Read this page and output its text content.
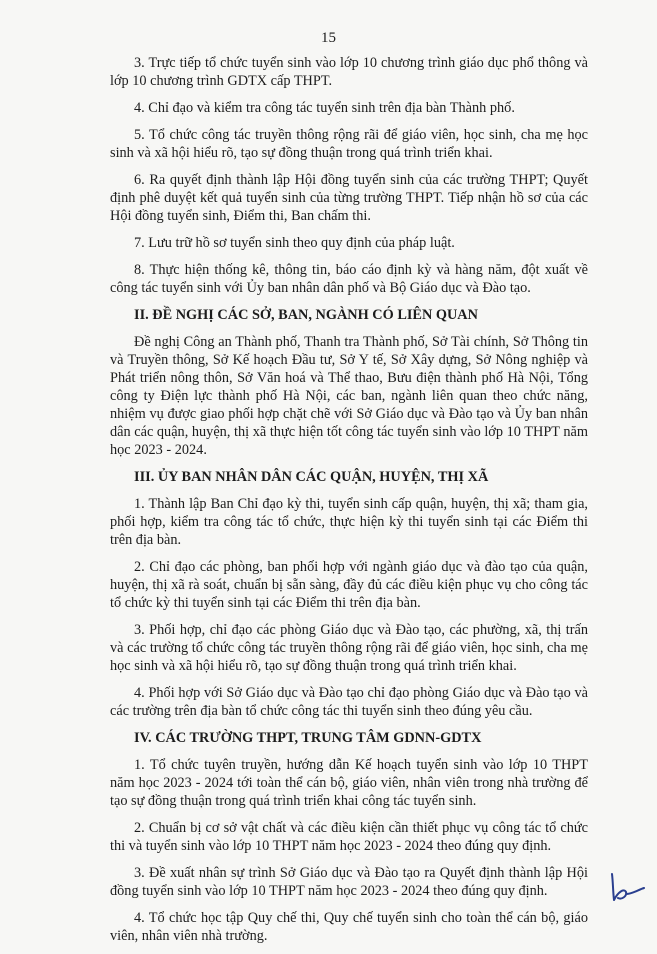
15

3. Trực tiếp tổ chức tuyển sinh vào lớp 10 chương trình giáo dục phổ thông và lớp 10 chương trình GDTX cấp THPT.

4. Chỉ đạo và kiểm tra công tác tuyển sinh trên địa bàn Thành phố.

5. Tổ chức công tác truyền thông rộng rãi để giáo viên, học sinh, cha mẹ học sinh và xã hội hiểu rõ, tạo sự đồng thuận trong quá trình triển khai.

6. Ra quyết định thành lập Hội đồng tuyển sinh của các trường THPT; Quyết định phê duyệt kết quả tuyển sinh của từng trường THPT. Tiếp nhận hồ sơ của các Hội đồng tuyển sinh, Điểm thi, Ban chấm thi.

7. Lưu trữ hồ sơ tuyển sinh theo quy định của pháp luật.

8. Thực hiện thống kê, thông tin, báo cáo định kỳ và hàng năm, đột xuất về công tác tuyển sinh với Ủy ban nhân dân phố và Bộ Giáo dục và Đào tạo.

II. ĐỀ NGHỊ CÁC SỞ, BAN, NGÀNH CÓ LIÊN QUAN

Đề nghị Công an Thành phố, Thanh tra Thành phố, Sở Tài chính, Sở Thông tin và Truyền thông, Sở Kế hoạch Đầu tư, Sở Y tế, Sở Xây dựng, Sở Nông nghiệp và Phát triển nông thôn, Sở Văn hoá và Thể thao, Bưu điện thành phố Hà Nội, Tổng công ty Điện lực thành phố Hà Nội, các ban, ngành liên quan theo chức năng, nhiệm vụ được giao phối hợp chặt chẽ với Sở Giáo dục và Đào tạo và Ủy ban nhân dân các quận, huyện, thị xã thực hiện tốt công tác tuyển sinh vào lớp 10 THPT năm học 2023 - 2024.

III. ỦY BAN NHÂN DÂN CÁC QUẬN, HUYỆN, THỊ XÃ

1. Thành lập Ban Chỉ đạo kỳ thi, tuyển sinh cấp quận, huyện, thị xã; tham gia, phối hợp, kiểm tra công tác tổ chức, thực hiện kỳ thi tuyển sinh tại các Điểm thi trên địa bàn.

2. Chỉ đạo các phòng, ban phối hợp với ngành giáo dục và đào tạo của quận, huyện, thị xã rà soát, chuẩn bị sẵn sàng, đầy đủ các điều kiện phục vụ cho công tác tổ chức kỳ thi tuyển sinh tại các Điểm thi trên địa bàn.

3. Phối hợp, chỉ đạo các phòng Giáo dục và Đào tạo, các phường, xã, thị trấn và các trường tổ chức công tác truyền thông rộng rãi để giáo viên, học sinh, cha mẹ học sinh và xã hội hiểu rõ, tạo sự đồng thuận trong quá trình triển khai.

4. Phối hợp với Sở Giáo dục và Đào tạo chỉ đạo phòng Giáo dục và Đào tạo và các trường trên địa bàn tổ chức công tác thi tuyển sinh theo đúng yêu cầu.

IV. CÁC TRƯỜNG THPT, TRUNG TÂM GDNN-GDTX

1. Tổ chức tuyên truyền, hướng dẫn Kế hoạch tuyển sinh vào lớp 10 THPT năm học 2023 - 2024 tới toàn thể cán bộ, giáo viên, nhân viên trong nhà trường để tạo sự đồng thuận trong quá trình triển khai công tác tuyển sinh.

2. Chuẩn bị cơ sở vật chất và các điều kiện cần thiết phục vụ công tác tổ chức thi và tuyển sinh vào lớp 10 THPT năm học 2023 - 2024 theo đúng quy định.

3. Đề xuất nhân sự trình Sở Giáo dục và Đào tạo ra Quyết định thành lập Hội đồng tuyển sinh vào lớp 10 THPT năm học 2023 - 2024 theo đúng quy định.

4. Tổ chức học tập Quy chế thi, Quy chế tuyển sinh cho toàn thể cán bộ, giáo viên, nhân viên nhà trường.
